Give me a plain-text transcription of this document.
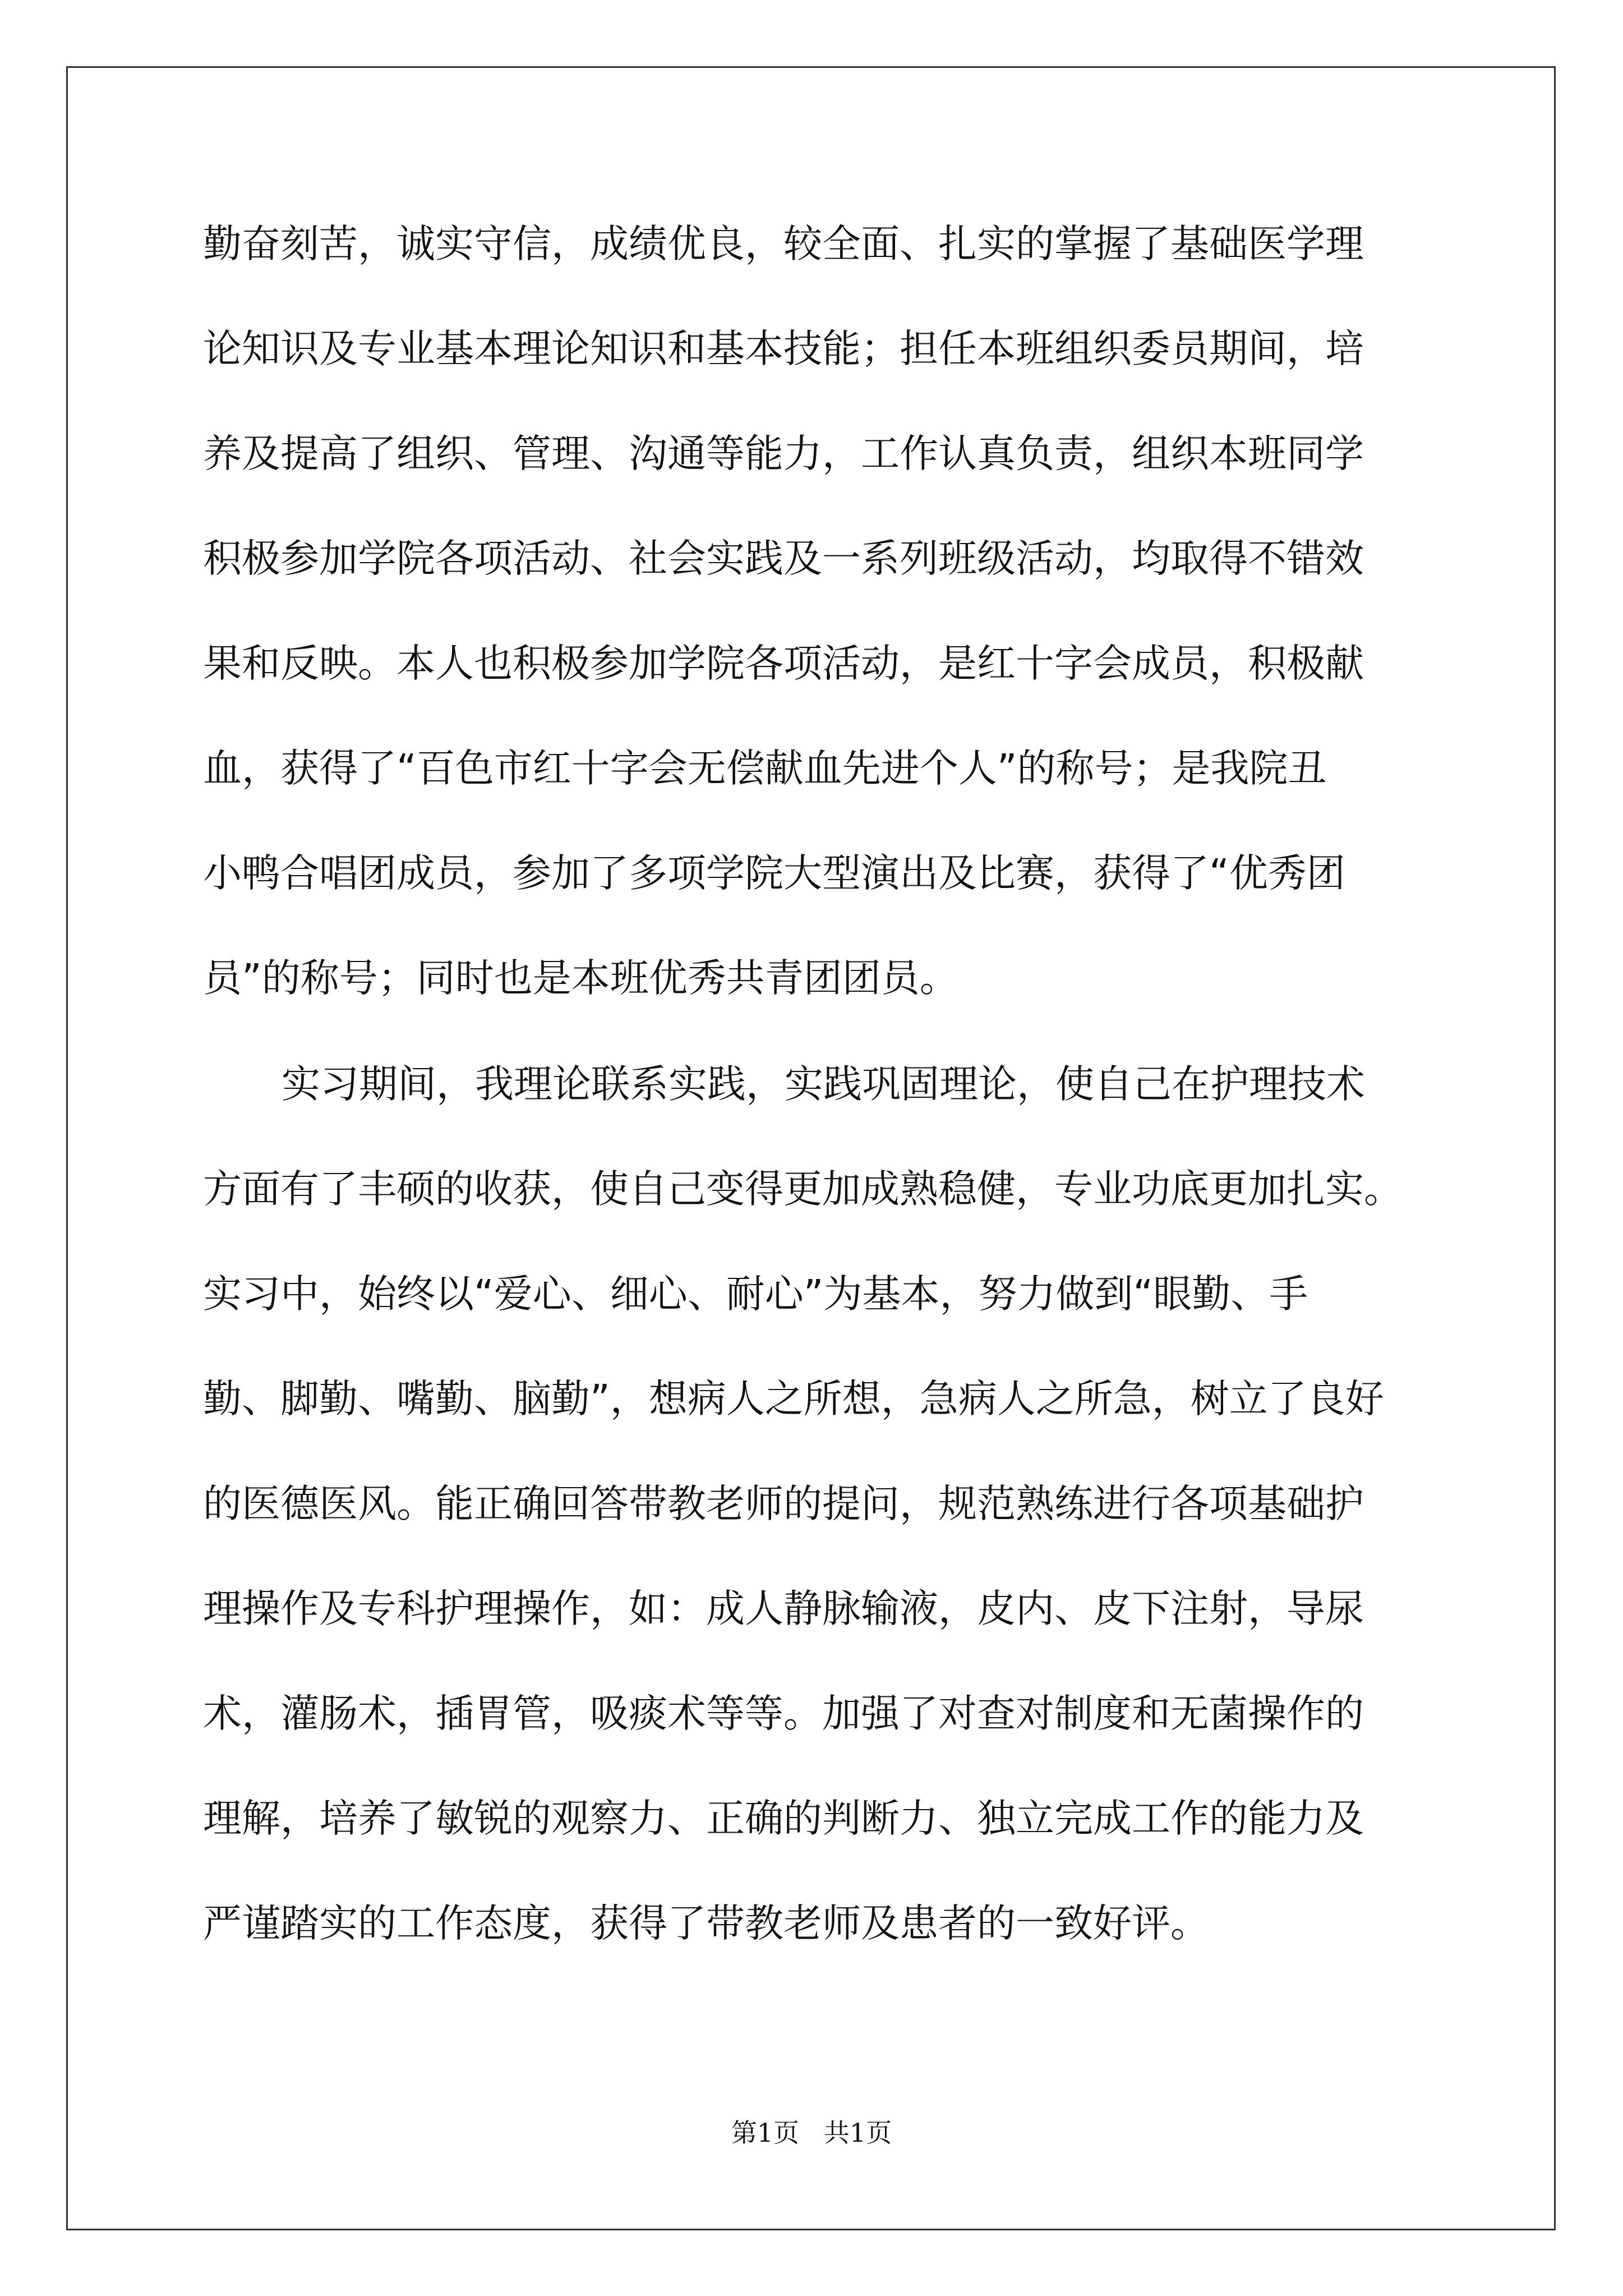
勤奋刻苦，诚实守信，成绩优良，较全面、扎实的掌握了基础医学理

论知识及专业基本理论知识和基本技能；担任本班组织委员期间，培

养及提高了组织、管理、沟通等能力，工作认真负责，组织本班同学

积极参加学院各项活动、社会实践及一系列班级活动，均取得不错效

果和反映。本人也积极参加学院各项活动，是红十字会成员，积极献

血，获得了“百色市红十字会无偿献血先进个人”的称号；是我院丑

小鸭合唱团成员，参加了多项学院大型演出及比赛，获得了“优秀团

员”的称号；同时也是本班优秀共青团团员。

实习期间，我理论联系实践，实践巩固理论，使自己在护理技术

方面有了丰硕的收获，使自己变得更加成熟稳健，专业功底更加扎实。

实习中，始终以“爱心、细心、耐心”为基本，努力做到“眼勤、手

勤、脚勤、嘴勤、脑勤”，想病人之所想，急病人之所急，树立了良好

的医德医风。能正确回答带教老师的提问，规范熟练进行各项基础护

理操作及专科护理操作，如：成人静脉输液，皮内、皮下注射，导尿

术，灌肠术，插胃管，吸痰术等等。加强了对查对制度和无菌操作的

理解，培养了敏锐的观察力、正确的判断力、独立完成工作的能力及

严谨踏实的工作态度，获得了带教老师及患者的一致好评。

第1页   共1页
